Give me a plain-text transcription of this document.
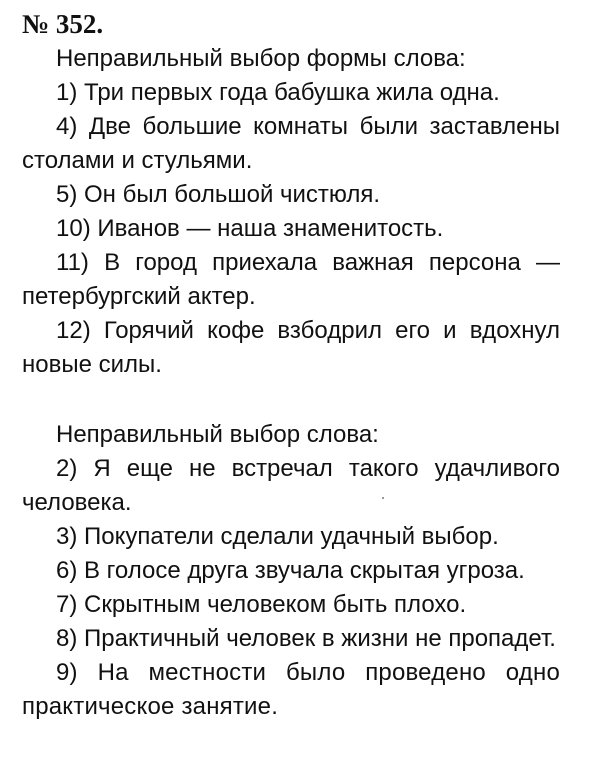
№ 352.

Неправильный выбор формы слова:

1) Три первых года бабушка жила одна.

4) Две большие комнаты были заставлены столами и стульями.

5) Он был большой чистюля.

10) Иванов — наша знаменитость.

11) В город приехала важная персона — петербургский актер.

12) Горячий кофе взбодрил его и вдохнул новые силы.

Неправильный выбор слова:

2) Я еще не встречал такого удачливого человека.

3) Покупатели сделали удачный выбор.

6) В голосе друга звучала скрытая угроза.

7) Скрытным человеком быть плохо.

8) Практичный человек в жизни не пропадет.

9) На местности было проведено одно практическое занятие.
